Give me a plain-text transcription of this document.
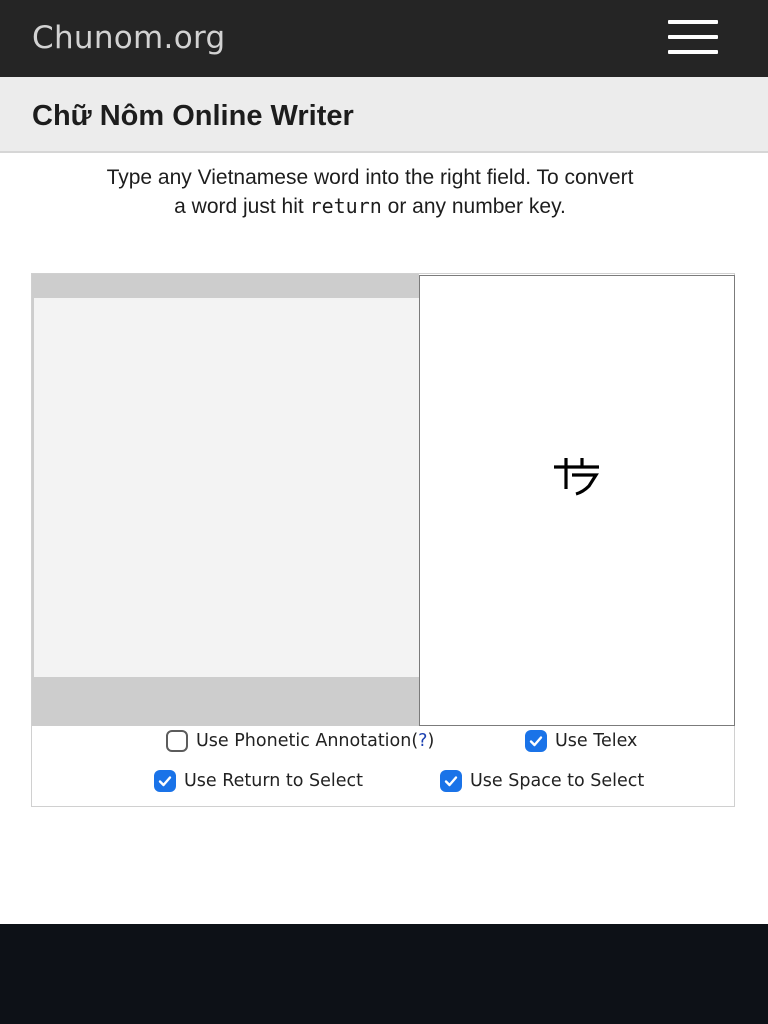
Chunom.org
Chữ Nôm Online Writer

Type any Vietnamese word into the right field. To convert
a word just hit return or any number key.

Use Phonetic Annotation ( ? )	Use Telex
Use Return to Select	Use Space to Select
